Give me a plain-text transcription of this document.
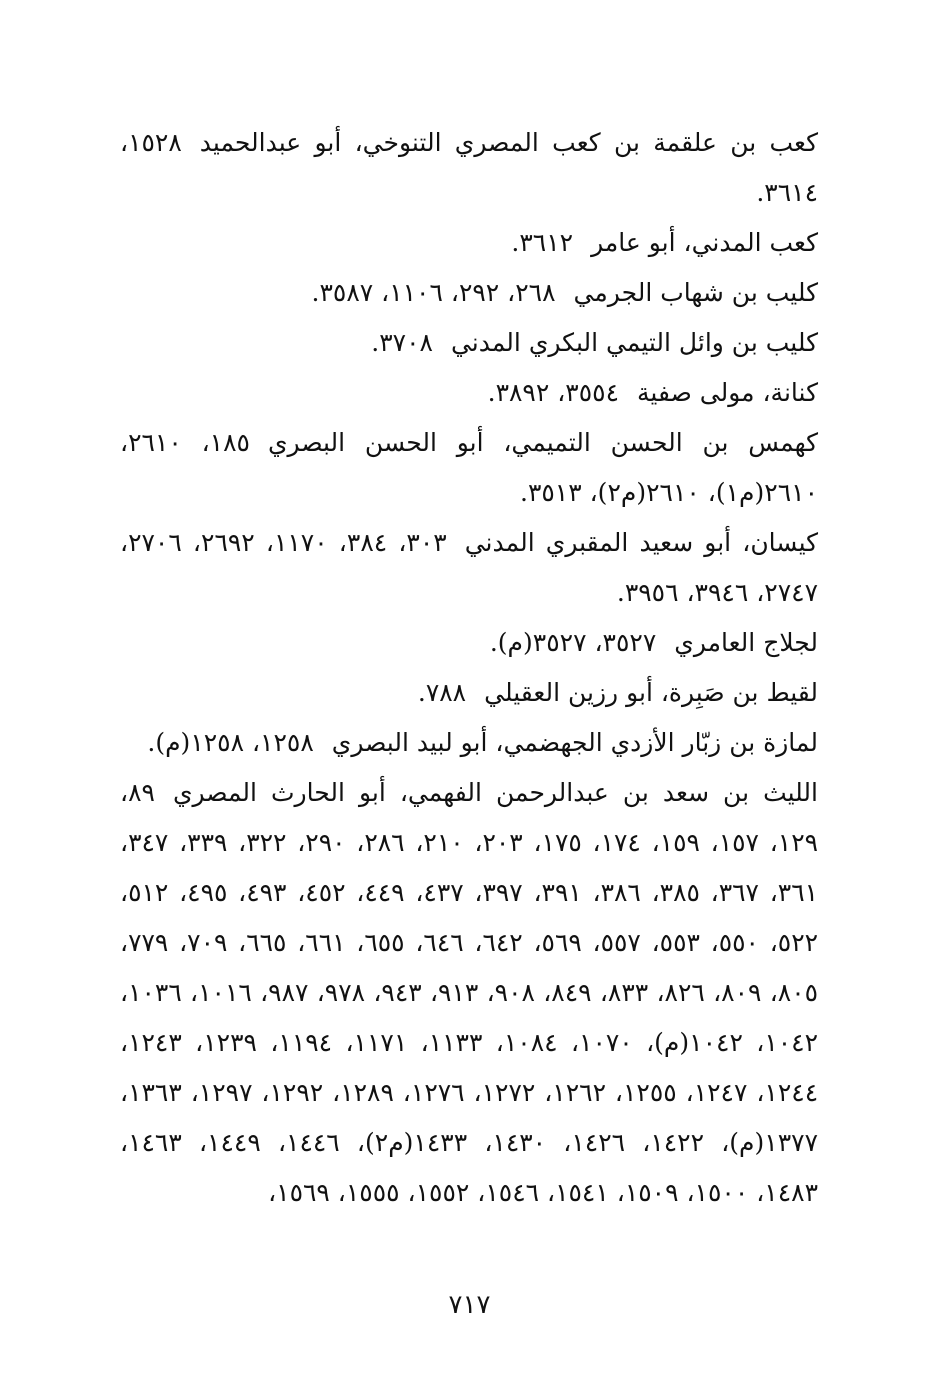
كعب بن علقمة بن كعب المصري التنوخي، أبو عبدالحميد١٥٢٨، ٣٦١٤.

كعب المدني، أبو عامر٣٦١٢.

كليب بن شهاب الجرمي٢٦٨، ٢٩٢، ١١٠٦، ٣٥٨٧.

كليب بن وائل التيمي البكري المدني٣٧٠٨.

كنانة، مولى صفية٣٥٥٤، ٣٨٩٢.

كهمس بن الحسن التميمي، أبو الحسن البصري١٨٥، ٢٦١٠، ٢٦١٠(م١)، ٢٦١٠(م٢)، ٣٥١٣.

كيسان، أبو سعيد المقبري المدني٣٠٣، ٣٨٤، ١١٧٠، ٢٦٩٢، ٢٧٠٦، ٢٧٤٧، ٣٩٤٦، ٣٩٥٦.

لجلاج العامري٣٥٢٧، ٣٥٢٧(م).

لقيط بن صَبِرة، أبو رزين العقيلي٧٨٨.

لمازة بن زبّار الأزدي الجهضمي، أبو لبيد البصري١٢٥٨، ١٢٥٨(م).

الليث بن سعد بن عبدالرحمن الفهمي، أبو الحارث المصري٨٩، ١٢٩، ١٥٧، ١٥٩، ١٧٤، ١٧٥، ٢٠٣، ٢١٠، ٢٨٦، ٢٩٠، ٣٢٢، ٣٣٩، ٣٤٧، ٣٦١، ٣٦٧، ٣٨٥، ٣٨٦، ٣٩١، ٣٩٧، ٤٣٧، ٤٤٩، ٤٥٢، ٤٩٣، ٤٩٥، ٥١٢، ٥٢٢، ٥٥٠، ٥٥٣، ٥٥٧، ٥٦٩، ٦٤٢، ٦٤٦، ٦٥٥، ٦٦١، ٦٦٥، ٧٠٩، ٧٧٩، ٨٠٥، ٨٠٩، ٨٢٦، ٨٣٣، ٨٤٩، ٩٠٨، ٩١٣، ٩٤٣، ٩٧٨، ٩٨٧، ١٠١٦، ١٠٣٦، ١٠٤٢، ١٠٤٢(م)، ١٠٧٠، ١٠٨٤، ١١٣٣، ١١٧١، ١١٩٤، ١٢٣٩، ١٢٤٣، ١٢٤٤، ١٢٤٧، ١٢٥٥، ١٢٦٢، ١٢٧٢، ١٢٧٦، ١٢٨٩، ١٢٩٢، ١٢٩٧، ١٣٦٣، ١٣٧٧(م)، ١٤٢٢، ١٤٢٦، ١٤٣٠، ١٤٣٣(م٢)، ١٤٤٦، ١٤٤٩، ١٤٦٣، ١٤٨٣، ١٥٠٠، ١٥٠٩، ١٥٤١، ١٥٤٦، ١٥٥٢، ١٥٥٥، ١٥٦٩،

٧١٧
